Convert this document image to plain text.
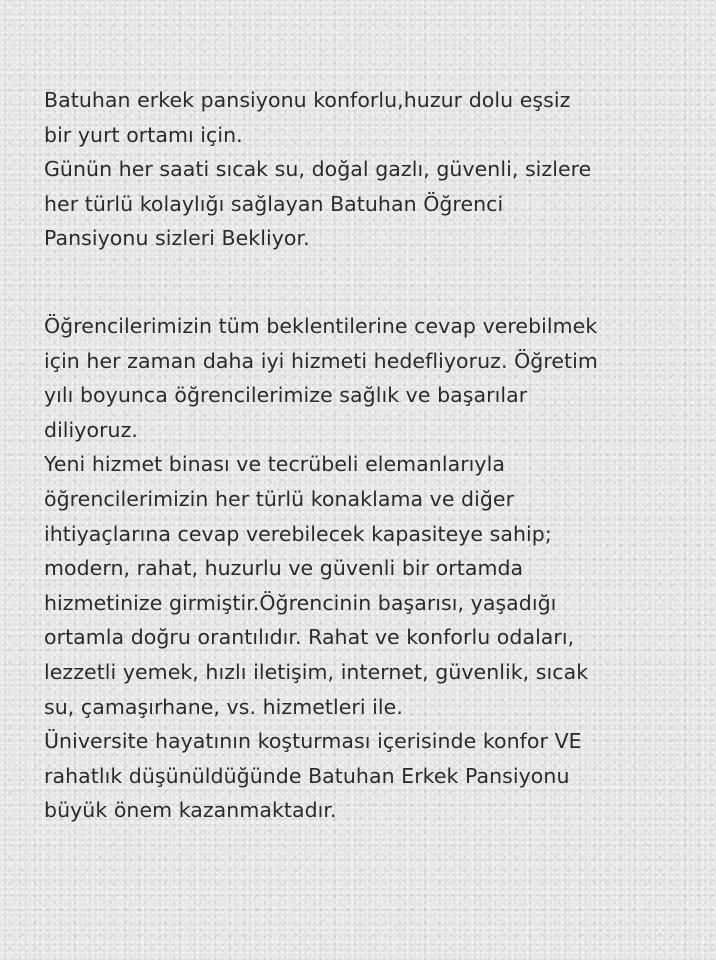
Batuhan erkek pansiyonu konforlu,huzur dolu eşsiz
bir yurt ortamı için.
Günün her saati sıcak su, doğal gazlı, güvenli, sizlere
her türlü kolaylığı sağlayan Batuhan Öğrenci
Pansiyonu sizleri Bekliyor.
Öğrencilerimizin tüm beklentilerine cevap verebilmek
için her zaman daha iyi hizmeti hedefliyoruz. Öğretim
yılı boyunca öğrencilerimize sağlık ve başarılar
diliyoruz.
Yeni hizmet binası ve tecrübeli elemanlarıyla
öğrencilerimizin her türlü konaklama ve diğer
ihtiyaçlarına cevap verebilecek kapasiteye sahip;
modern, rahat, huzurlu ve güvenli bir ortamda
hizmetinize girmiştir.Öğrencinin başarısı, yaşadığı
ortamla doğru orantılıdır. Rahat ve konforlu odaları,
lezzetli yemek, hızlı iletişim, internet, güvenlik, sıcak
su, çamaşırhane, vs. hizmetleri ile.
Üniversite hayatının koşturması içerisinde konfor VE
rahatlık düşünüldüğünde Batuhan Erkek Pansiyonu
büyük önem kazanmaktadır.
